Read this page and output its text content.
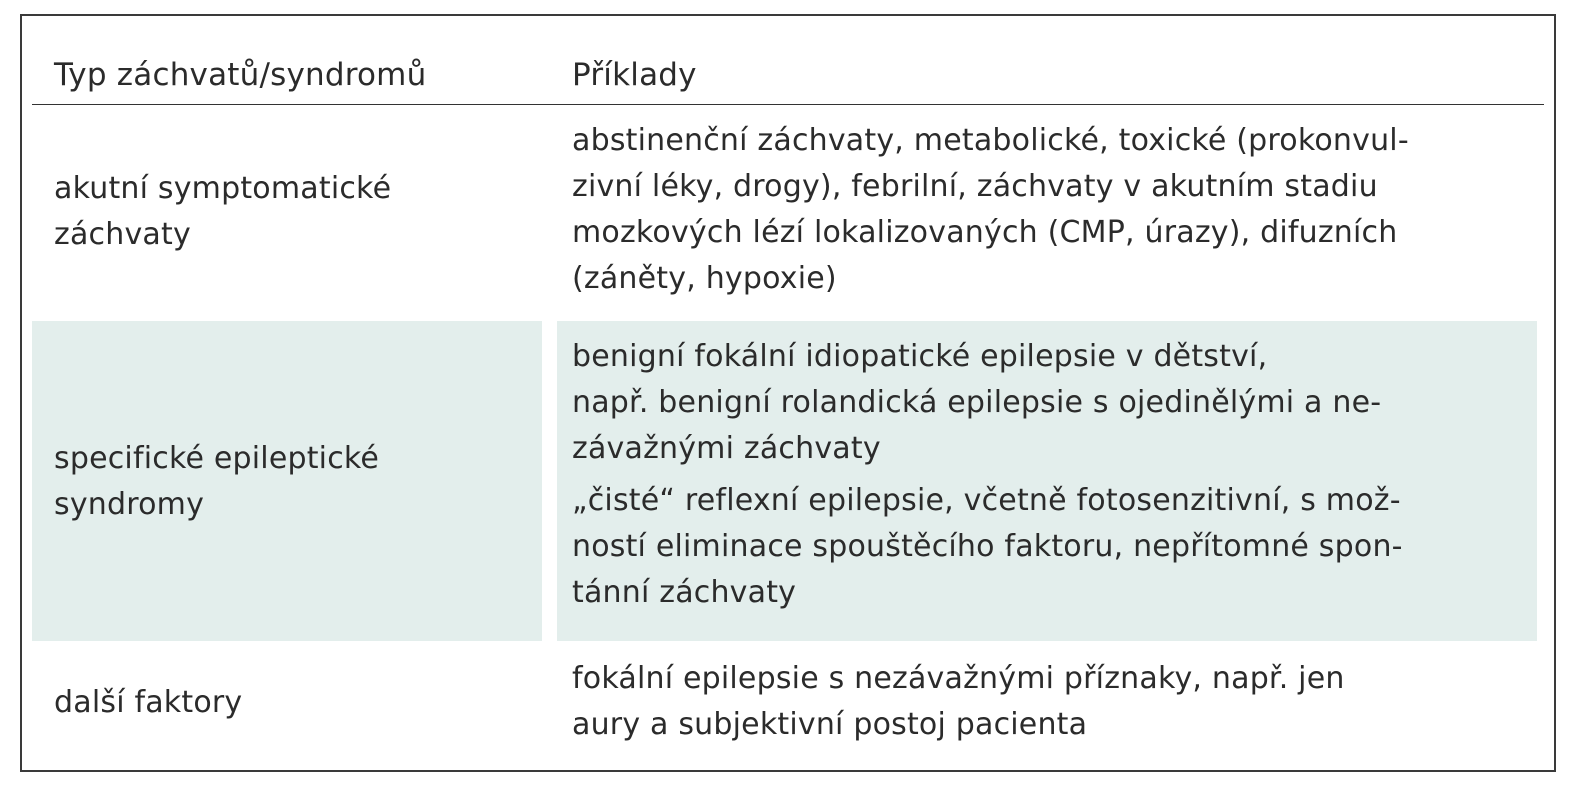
Typ záchvatů/syndromů	Příklady
akutní symptomatické
záchvaty
abstinenční záchvaty, metabolické, toxické (prokonvul-
zivní léky, drogy), febrilní, záchvaty v akutním stadiu
mozkových lézí lokalizovaných (CMP, úrazy), difuzních
(záněty, hypoxie)
specifické epileptické
syndromy
benigní fokální idiopatické epilepsie v dětství,
např. benigní rolandická epilepsie s ojedinělými a ne-
závažnými záchvaty
„čisté“ reflexní epilepsie, včetně fotosenzitivní, s mož-
ností eliminace spouštěcího faktoru, nepřítomné spon-
tánní záchvaty
další faktory
fokální epilepsie s nezávažnými příznaky, např. jen
aury a subjektivní postoj pacienta
